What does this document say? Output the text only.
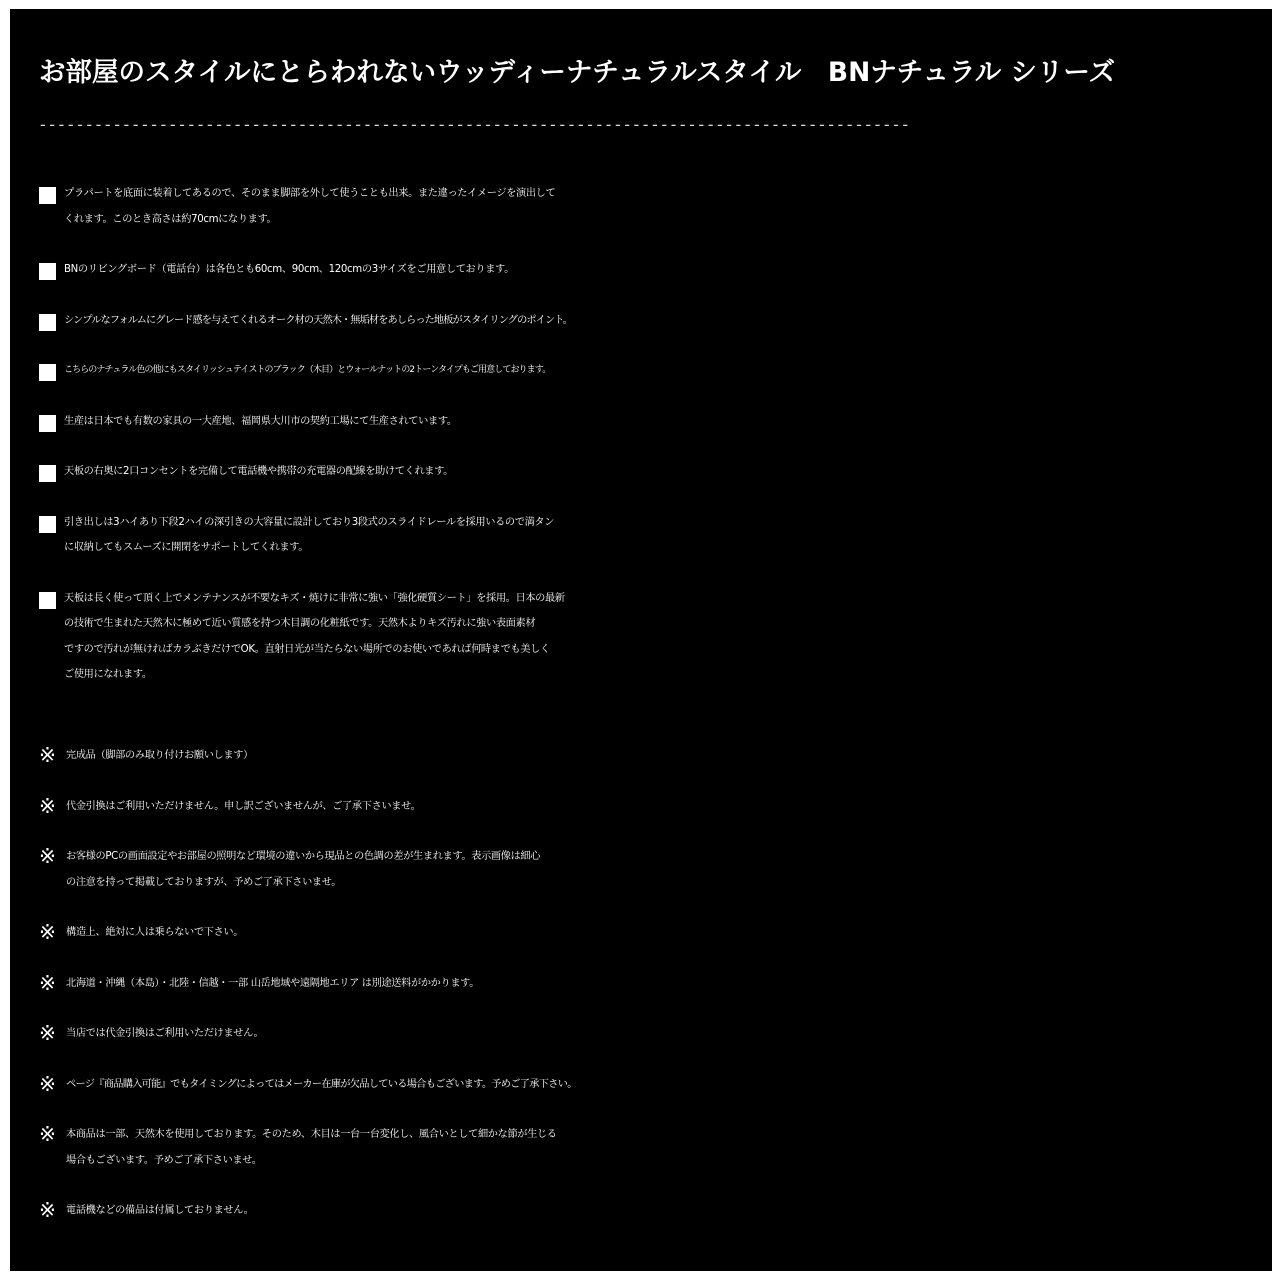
お部屋のスタイルにとらわれないウッディーナチュラルスタイル　BNナチュラル シリーズ
----------------------------------------------------------------------------------------------
プラパートを底面に装着してあるので、そのまま脚部を外して使うことも出来。また違ったイメージを演出して
くれます。このとき高さは約70cmになります。
BNのリビングボード（電話台）は各色とも60cm、90cm、120cmの3サイズをご用意しております。
シンプルなフォルムにグレード感を与えてくれるオーク材の天然木・無垢材をあしらった地板がスタイリングのポイント。
こちらのナチュラル色の他にもスタイリッシュテイストのブラック（木目）とウォールナットの2トーンタイプもご用意しております。
生産は日本でも有数の家具の一大産地、福岡県大川市の契約工場にて生産されています。
天板の右奥に2口コンセントを完備して電話機や携帯の充電器の配線を助けてくれます。
引き出しは3ハイあり下段2ハイの深引きの大容量に設計しており3段式のスライドレールを採用いるので満タン
に収納してもスムーズに開閉をサポートしてくれます。
天板は長く使って頂く上でメンテナンスが不要なキズ・焼けに非常に強い「強化硬質シート」を採用。日本の最新
の技術で生まれた天然木に極めて近い質感を持つ木目調の化粧紙です。天然木よりキズ汚れに強い表面素材
ですので汚れが無ければカラぶきだけでOK。直射日光が当たらない場所でのお使いであれば何時までも美しく
ご使用になれます。
※ 完成品（脚部のみ取り付けお願いします）
※ 代金引換はご利用いただけません。申し訳ございませんが、ご了承下さいませ。
※ お客様のPCの画面設定やお部屋の照明など環境の違いから現品との色調の差が生まれます。表示画像は細心
の注意を持って掲載しておりますが、予めご了承下さいませ。
※ 構造上、絶対に人は乗らないで下さい。
※ 北海道・沖縄（本島）・北陸・信越・一部 山岳地域や遠隔地エリア は別途送料がかかります。
※ 当店では代金引換はご利用いただけません。
※ ページ『商品購入可能』でもタイミングによってはメーカー在庫が欠品している場合もございます。予めご了承下さい。
※ 本商品は一部、天然木を使用しております。そのため、木目は一台一台変化し、風合いとして細かな節が生じる
場合もございます。予めご了承下さいませ。
※ 電話機などの備品は付属しておりません。
